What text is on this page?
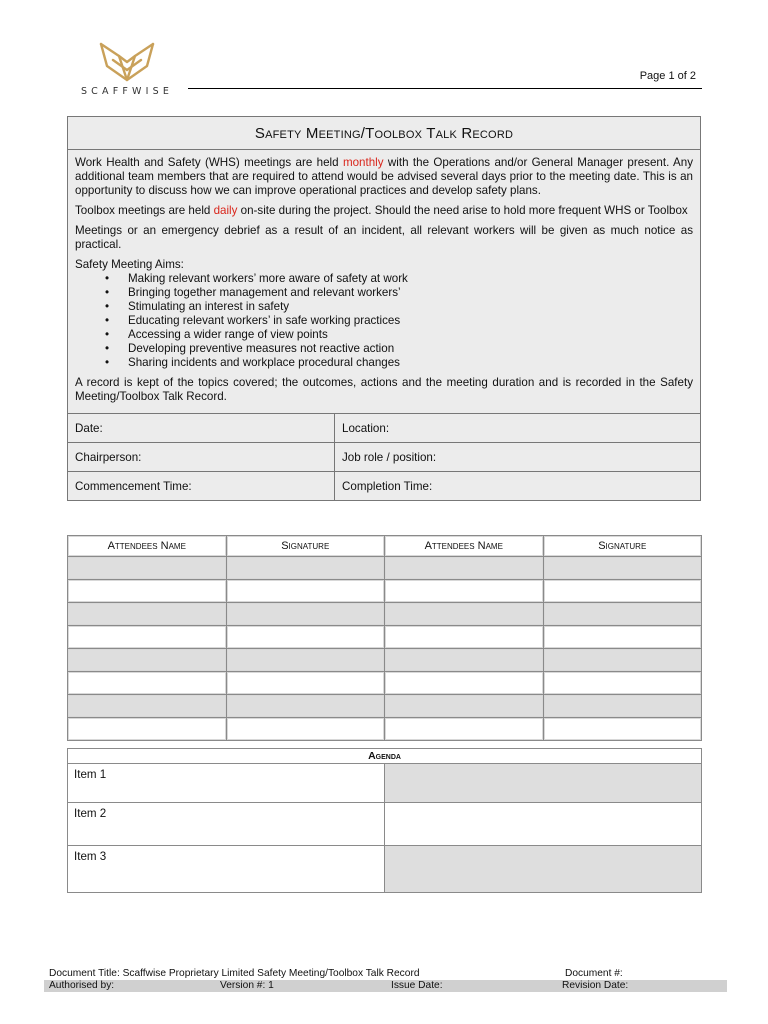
SCAFFWISE
Page 1 of 2
Safety Meeting/Toolbox Talk Record

Work Health and Safety (WHS) meetings are held monthly with the Operations and/or General Manager present. Any additional team members that are required to attend would be advised several days prior to the meeting date. This is an opportunity to discuss how we can improve operational practices and develop safety plans.

Toolbox meetings are held daily on-site during the project. Should the need arise to hold more frequent WHS or Toolbox

Meetings or an emergency debrief as a result of an incident, all relevant workers will be given as much notice as practical.

Safety Meeting Aims:
• Making relevant workers’ more aware of safety at work
• Bringing together management and relevant workers’
• Stimulating an interest in safety
• Educating relevant workers’ in safe working practices
• Accessing a wider range of view points
• Developing preventive measures not reactive action
• Sharing incidents and workplace procedural changes

A record is kept of the topics covered; the outcomes, actions and the meeting duration and is recorded in the Safety Meeting/Toolbox Talk Record.

Date:	Location:
Chairperson:	Job role / position:
Commencement Time:	Completion Time:
Attendees Name	Signature	Attendees Name	Signature

Agenda	
Item 1	
Item 2	
Item 3	
Document Title: Scaffwise Proprietary Limited Safety Meeting/Toolbox Talk Record	Document #:
Authorised by:	Version #: 1	Issue Date:	Revision Date:
